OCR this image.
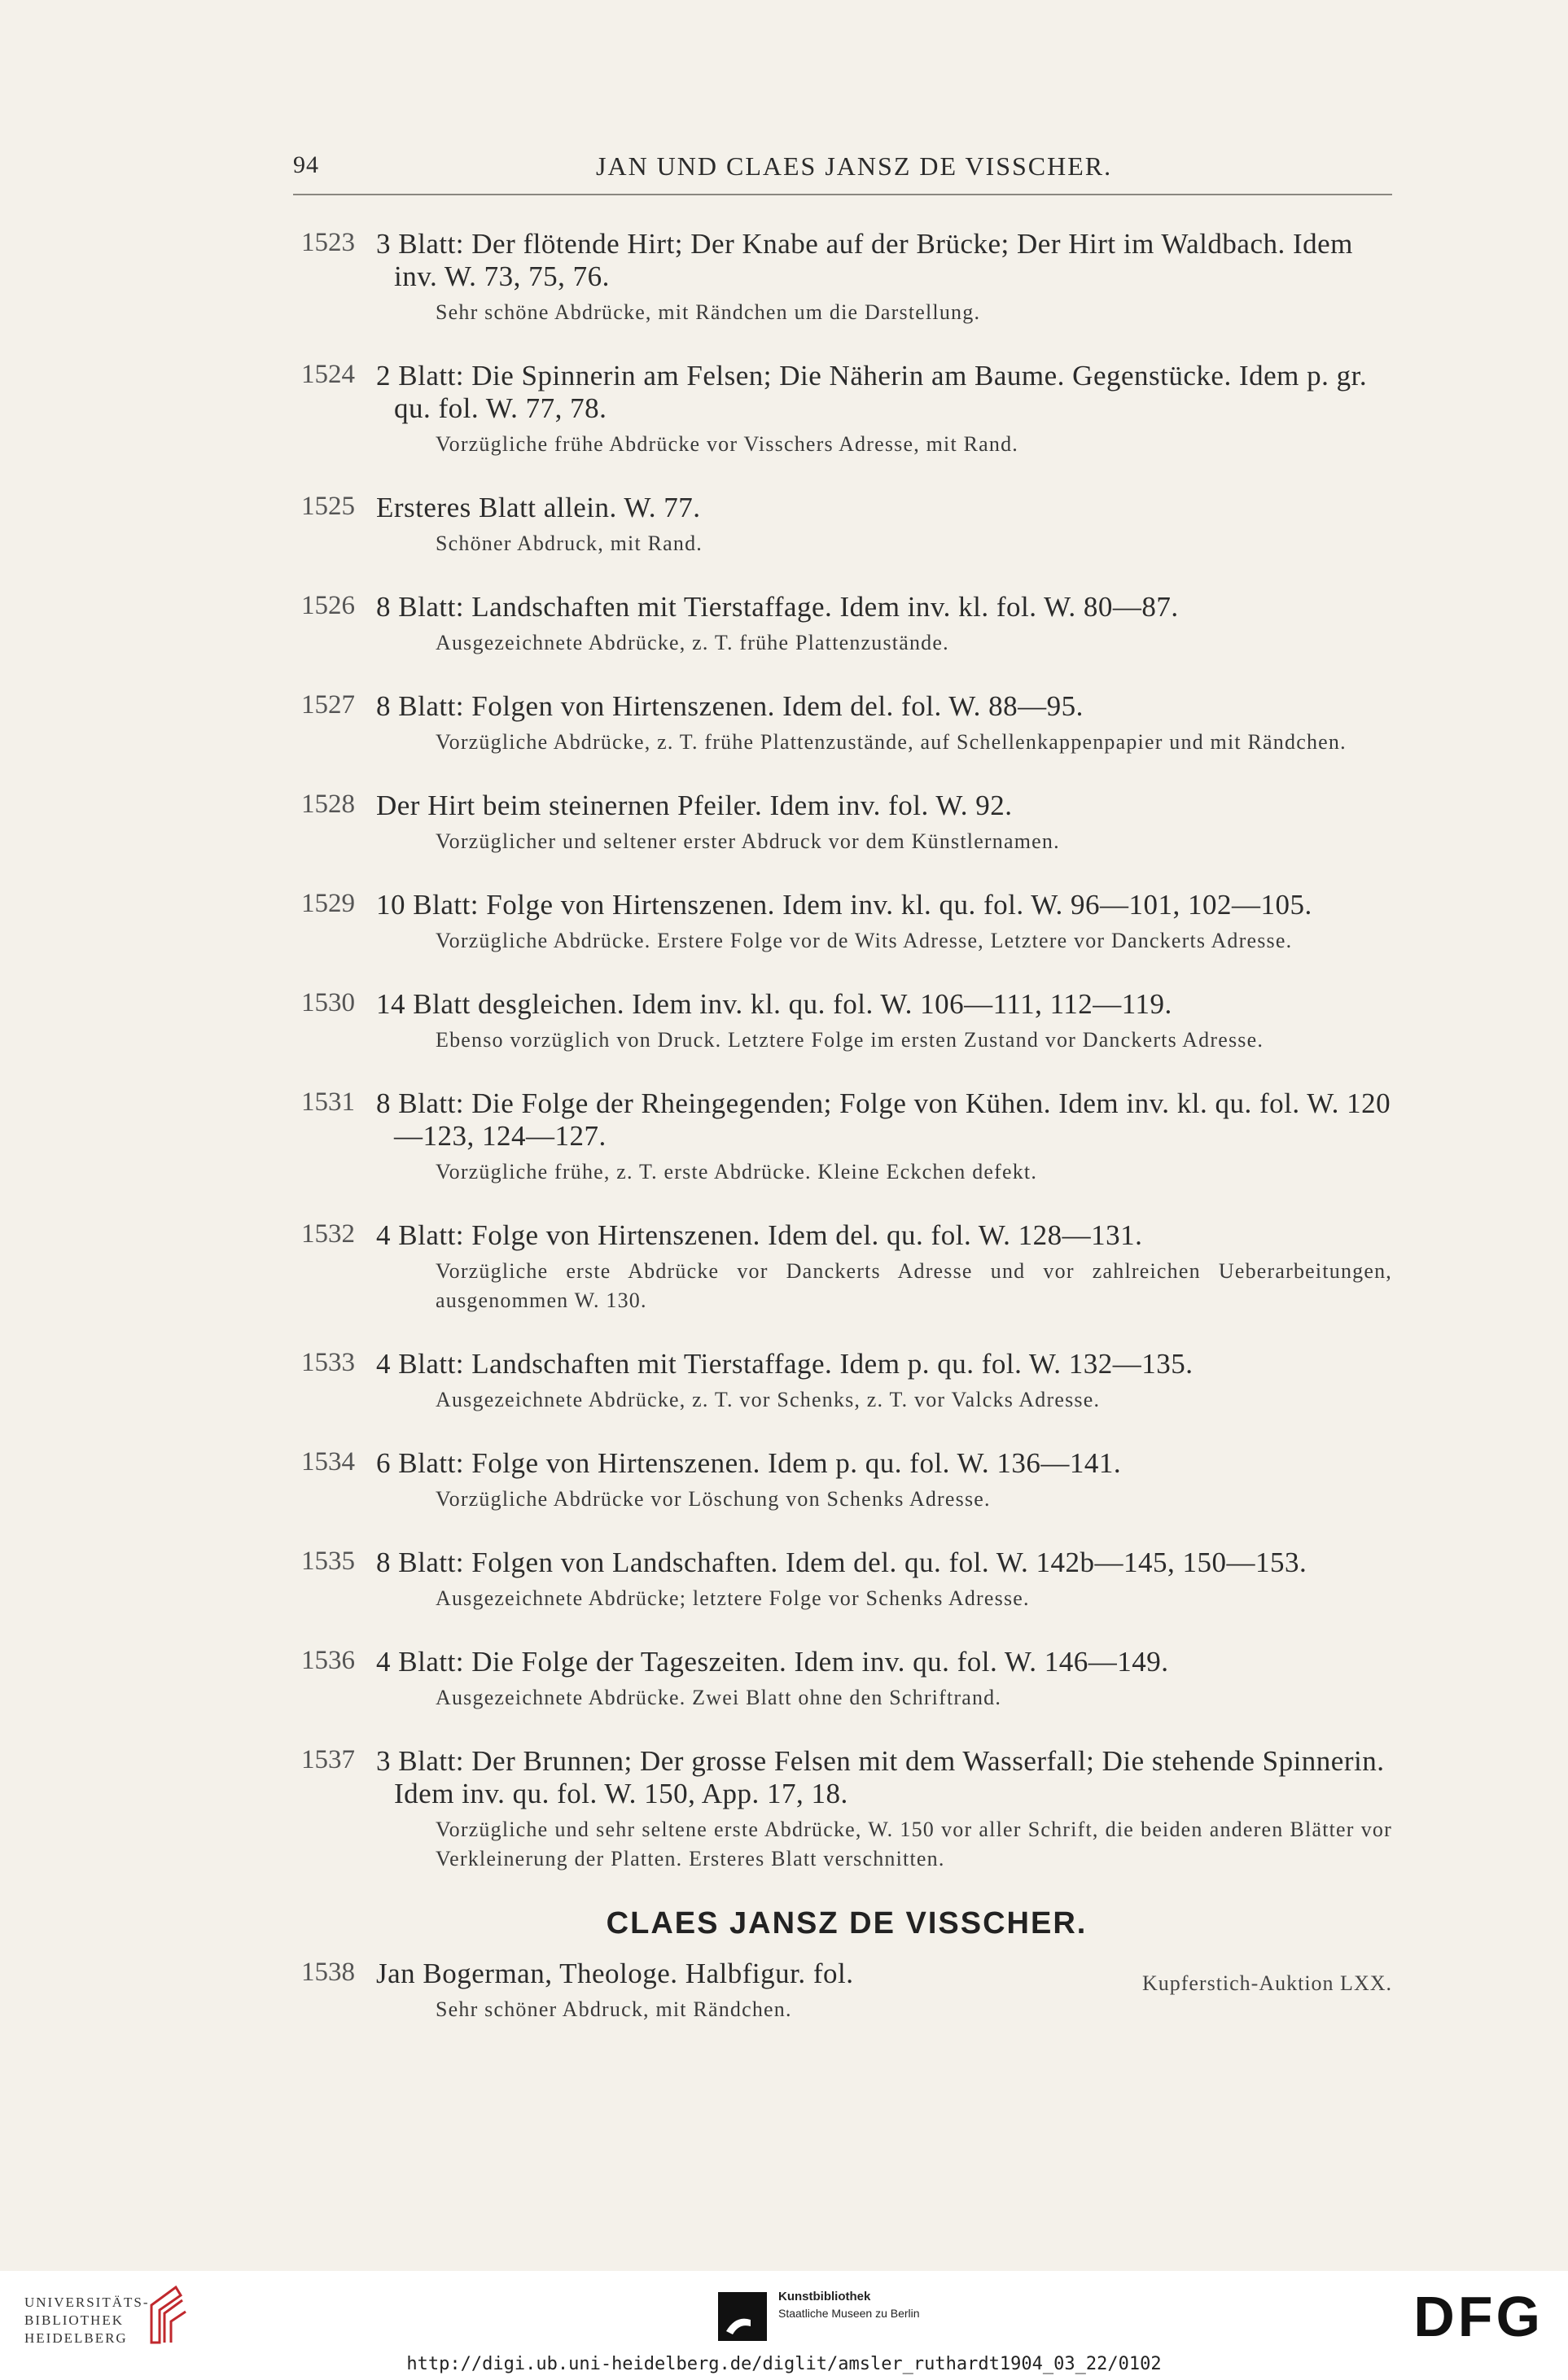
94	JAN UND CLAES JANSZ DE VISSCHER.
1523 3 Blatt: Der flötende Hirt; Der Knabe auf der Brücke; Der Hirt im Waldbach. Idem inv. W. 73, 75, 76.
Sehr schöne Abdrücke, mit Rändchen um die Darstellung.
1524 2 Blatt: Die Spinnerin am Felsen; Die Näherin am Baume. Gegenstücke. Idem p. gr. qu. fol. W. 77, 78.
Vorzügliche frühe Abdrücke vor Visschers Adresse, mit Rand.
1525 Ersteres Blatt allein. W. 77.
Schöner Abdruck, mit Rand.
1526 8 Blatt: Landschaften mit Tierstaffage. Idem inv. kl. fol. W. 80—87.
Ausgezeichnete Abdrücke, z. T. frühe Plattenzustände.
1527 8 Blatt: Folgen von Hirtenszenen. Idem del. fol. W. 88—95.
Vorzügliche Abdrücke, z. T. frühe Plattenzustände, auf Schellenkappenpapier und mit Rändchen.
1528 Der Hirt beim steinernen Pfeiler. Idem inv. fol. W. 92.
Vorzüglicher und seltener erster Abdruck vor dem Künstlernamen.
1529 10 Blatt: Folge von Hirtenszenen. Idem inv. kl. qu. fol. W. 96—101, 102—105.
Vorzügliche Abdrücke. Erstere Folge vor de Wits Adresse, Letztere vor Danckerts Adresse.
1530 14 Blatt desgleichen. Idem inv. kl. qu. fol. W. 106—111, 112—119.
Ebenso vorzüglich von Druck. Letztere Folge im ersten Zustand vor Danckerts Adresse.
1531 8 Blatt: Die Folge der Rheingegenden; Folge von Kühen. Idem inv. kl. qu. fol. W. 120—123, 124—127.
Vorzügliche frühe, z. T. erste Abdrücke. Kleine Eckchen defekt.
1532 4 Blatt: Folge von Hirtenszenen. Idem del. qu. fol. W. 128—131.
Vorzügliche erste Abdrücke vor Danckerts Adresse und vor zahlreichen Ueberarbeitungen, ausgenommen W. 130.
1533 4 Blatt: Landschaften mit Tierstaffage. Idem p. qu. fol. W. 132—135.
Ausgezeichnete Abdrücke, z. T. vor Schenks, z. T. vor Valcks Adresse.
1534 6 Blatt: Folge von Hirtenszenen. Idem p. qu. fol. W. 136—141.
Vorzügliche Abdrücke vor Löschung von Schenks Adresse.
1535 8 Blatt: Folgen von Landschaften. Idem del. qu. fol. W. 142b—145, 150—153.
Ausgezeichnete Abdrücke; letztere Folge vor Schenks Adresse.
1536 4 Blatt: Die Folge der Tageszeiten. Idem inv. qu. fol. W. 146—149.
Ausgezeichnete Abdrücke. Zwei Blatt ohne den Schriftrand.
1537 3 Blatt: Der Brunnen; Der grosse Felsen mit dem Wasserfall; Die stehende Spinnerin. Idem inv. qu. fol. W. 150, App. 17, 18.
Vorzügliche und sehr seltene erste Abdrücke, W. 150 vor aller Schrift, die beiden anderen Blätter vor Verkleinerung der Platten. Ersteres Blatt verschnitten.
CLAES JANSZ DE VISSCHER.
1538 Jan Bogerman, Theologe. Halbfigur. fol.
Sehr schöner Abdruck, mit Rändchen.
Kupferstich-Auktion LXX.
UNIVERSITÄTS-
BIBLIOTHEK
HEIDELBERG
Kunstbibliothek
Staatliche Museen zu Berlin	DFG
http://digi.ub.uni-heidelberg.de/diglit/amsler_ruthardt1904_03_22/0102
